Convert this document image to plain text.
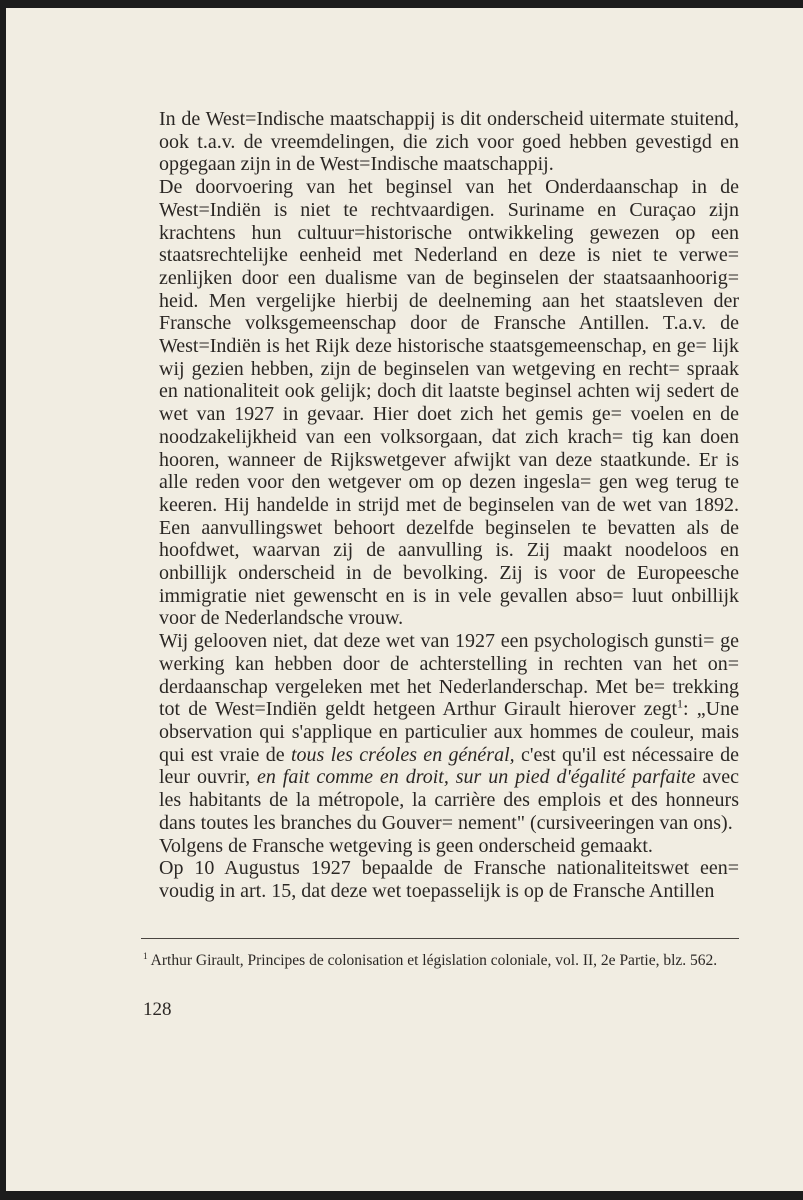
In de West=Indische maatschappij is dit onderscheid uitermate stuitend, ook t.a.v. de vreemdelingen, die zich voor goed hebben gevestigd en opgegaan zijn in de West=Indische maatschappij.

De doorvoering van het beginsel van het Onderdaanschap in de West=Indiën is niet te rechtvaardigen. Suriname en Curaçao zijn krachtens hun cultuur=historische ontwikkeling gewezen op een staatsrechtelijke eenheid met Nederland en deze is niet te verwe= zenlijken door een dualisme van de beginselen der staatsaanhoorig= heid. Men vergelijke hierbij de deelneming aan het staatsleven der Fransche volksgemeenschap door de Fransche Antillen. T.a.v. de West=Indiën is het Rijk deze historische staatsgemeenschap, en ge= lijk wij gezien hebben, zijn de beginselen van wetgeving en recht= spraak en nationaliteit ook gelijk; doch dit laatste beginsel achten wij sedert de wet van 1927 in gevaar. Hier doet zich het gemis ge= voelen en de noodzakelijkheid van een volksorgaan, dat zich krach= tig kan doen hooren, wanneer de Rijkswetgever afwijkt van deze staatkunde. Er is alle reden voor den wetgever om op dezen ingesla= gen weg terug te keeren. Hij handelde in strijd met de beginselen van de wet van 1892. Een aanvullingswet behoort dezelfde beginselen te bevatten als de hoofdwet, waarvan zij de aanvulling is. Zij maakt noodeloos en onbillijk onderscheid in de bevolking. Zij is voor de Europeesche immigratie niet gewenscht en is in vele gevallen abso= luut onbillijk voor de Nederlandsche vrouw.

Wij gelooven niet, dat deze wet van 1927 een psychologisch gunsti= ge werking kan hebben door de achterstelling in rechten van het on= derdaanschap vergeleken met het Nederlanderschap. Met be= trekking tot de West=Indiën geldt hetgeen Arthur Girault hierover zegt$^1$: „Une observation qui s'applique en particulier aux hommes de couleur, mais qui est vraie de tous les créoles en général, c'est qu'il est nécessaire de leur ouvrir, en fait comme en droit, sur un pied d'égalité parfaite avec les habitants de la métropole, la carrière des emplois et des honneurs dans toutes les branches du Gouver= nement" (cursiveeringen van ons).

Volgens de Fransche wetgeving is geen onderscheid gemaakt.

Op 10 Augustus 1927 bepaalde de Fransche nationaliteitswet een= voudig in art. 15, dat deze wet toepasselijk is op de Fransche Antillen

$^1$ Arthur Girault, Principes de colonisation et législation coloniale, vol. II, 2e Partie, blz. 562.

128
